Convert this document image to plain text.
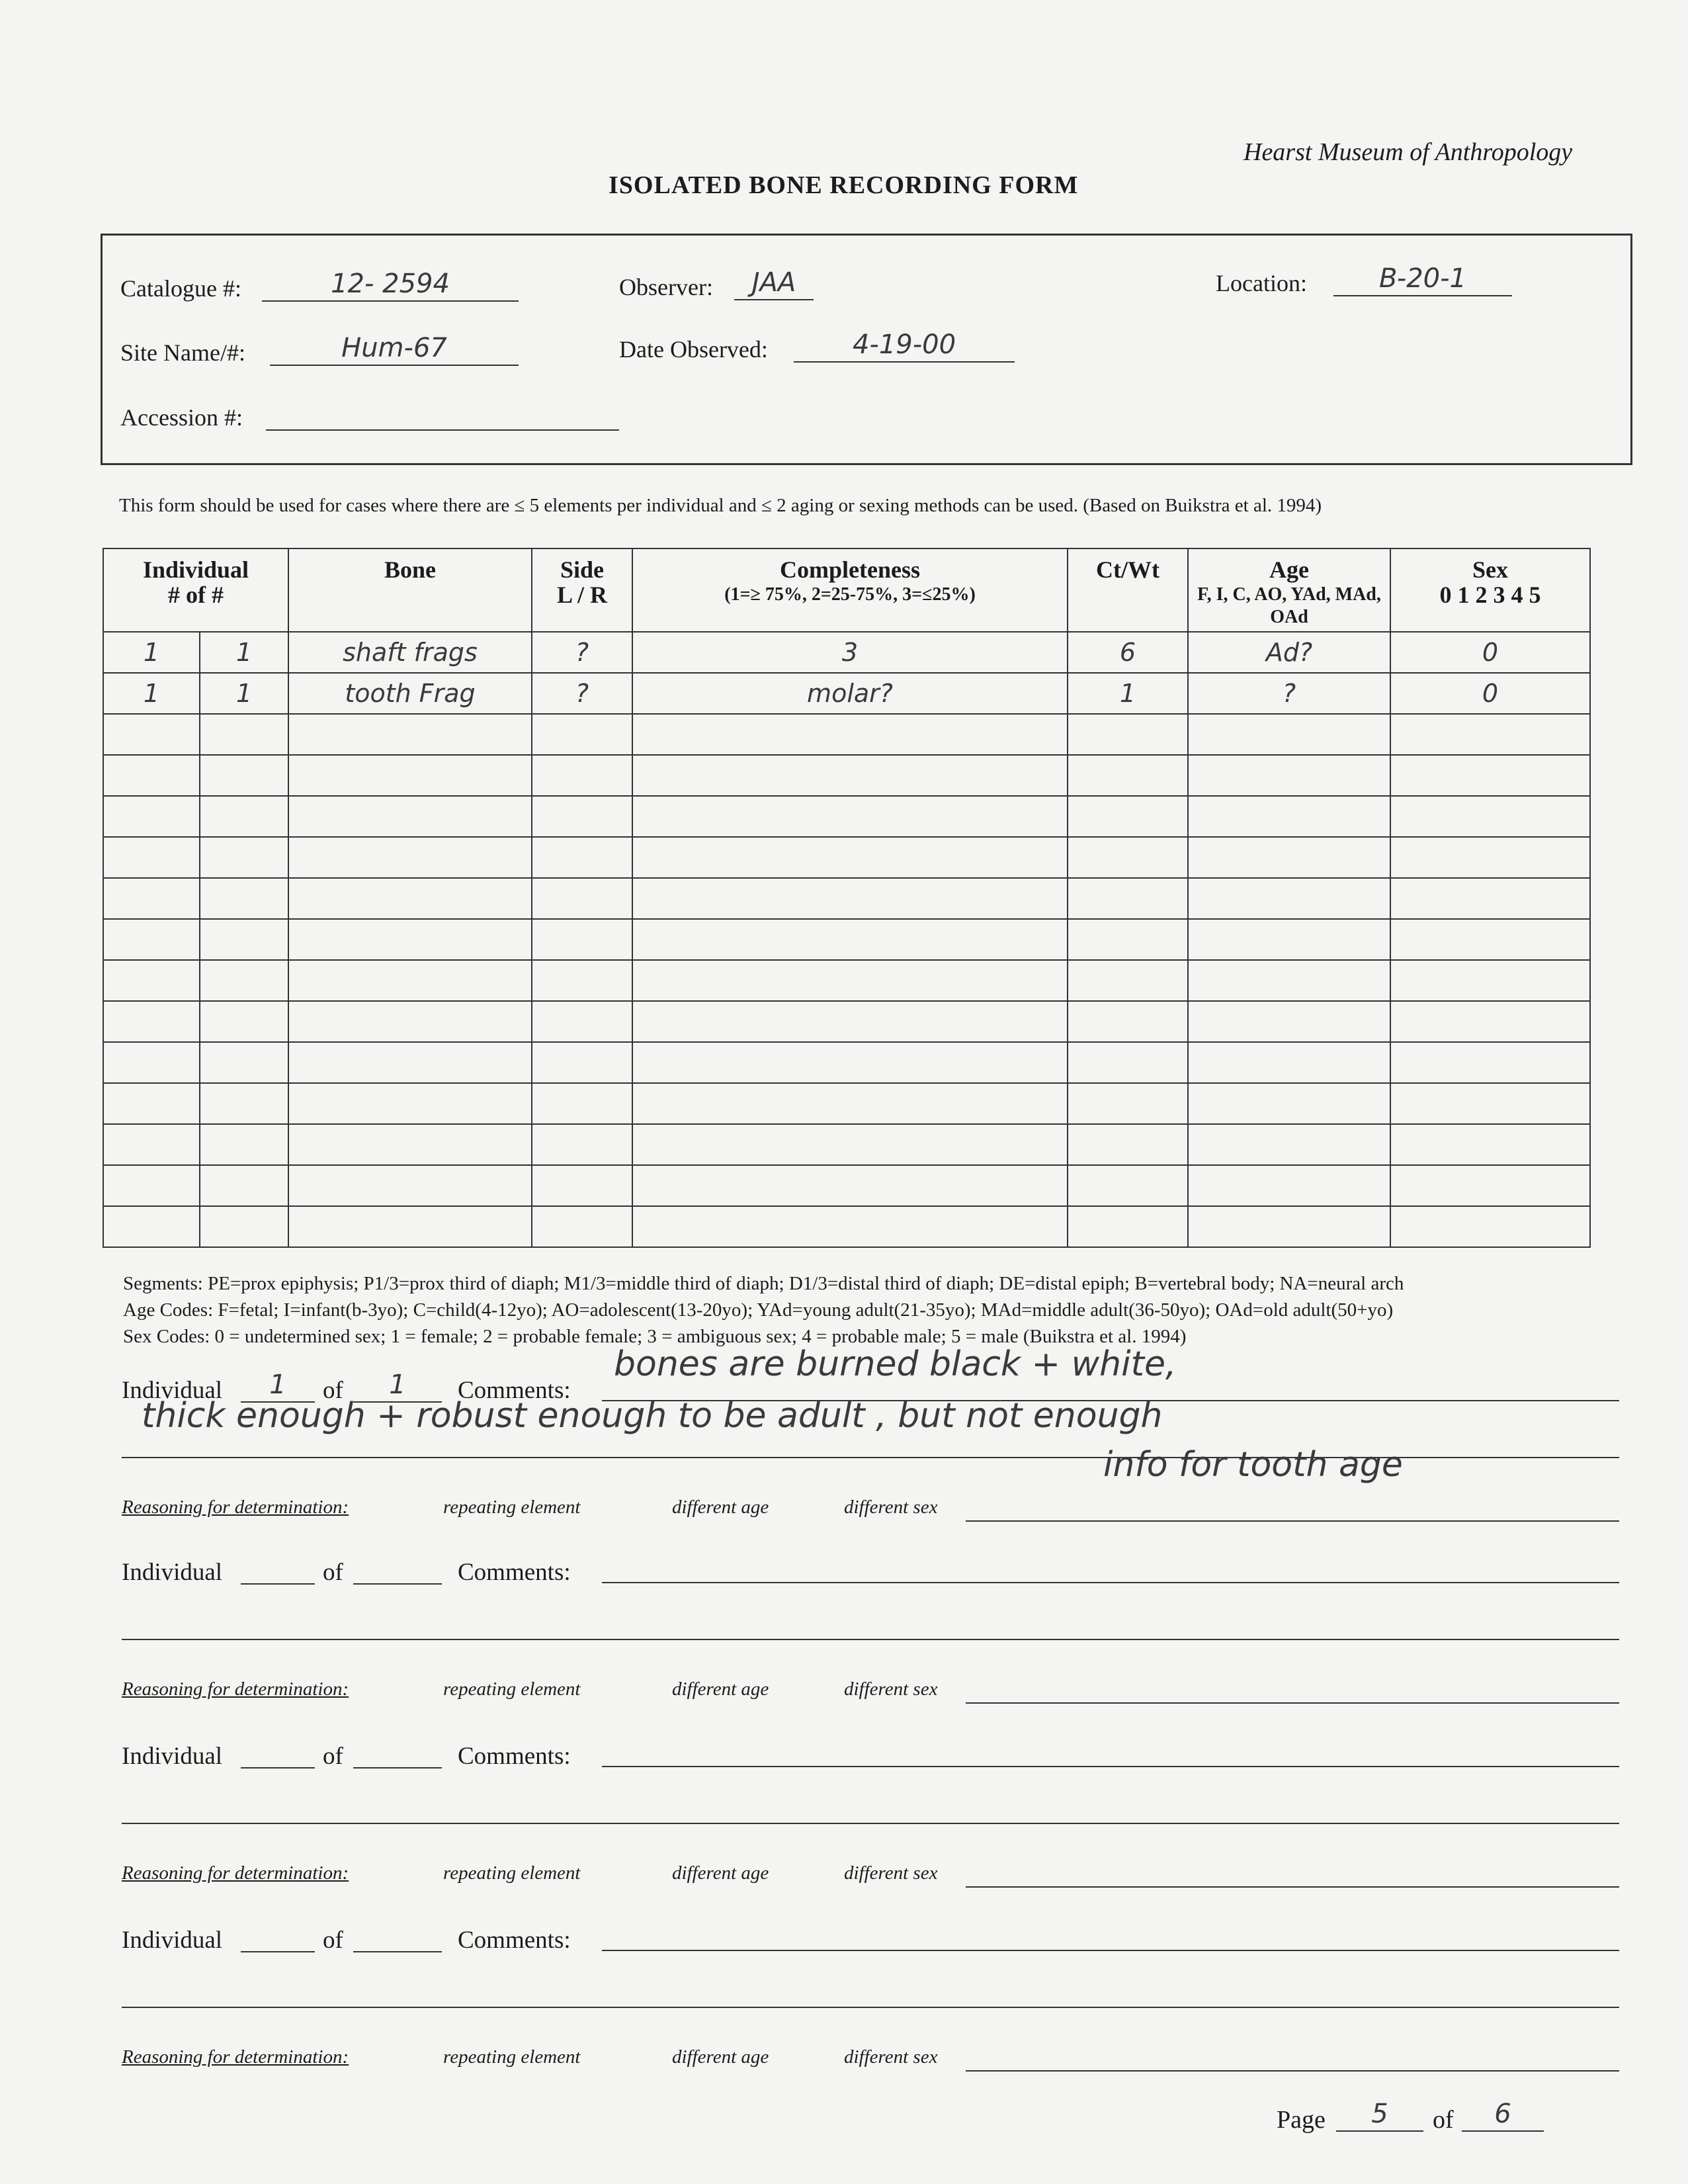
Hearst Museum of Anthropology
ISOLATED BONE RECORDING FORM
Catalogue #:	12- 2594	Observer:	JAA	Location:	B-20-1
Site Name/#:	Hum-67	Date Observed:	4-19-00
Accession #:
This form should be used for cases where there are ≤ 5 elements per individual and ≤ 2 aging or sexing methods can be used. (Based on Buikstra et al. 1994)
Individual
# of #		Bone	Side
L / R	Completeness
(1=≥ 75%, 2=25-75%, 3=≤25%)	Ct/Wt	Age
F, I, C, AO, YAd, MAd, OAd	Sex
0 1 2 3 4 5

1	1	shaft frags	?	3	6	Ad?	0
1	1	tooth Frag	?	molar?	1	?	0

Segments: PE=prox epiphysis; P1/3=prox third of diaph; M1/3=middle third of diaph; D1/3=distal third of diaph; DE=distal epiph; B=vertebral body; NA=neural arch
Age Codes: F=fetal; I=infant(b-3yo); C=child(4-12yo); AO=adolescent(13-20yo); YAd=young adult(21-35yo); MAd=middle adult(36-50yo); OAd=old adult(50+yo)
Sex Codes: 0 = undetermined sex; 1 = female; 2 = probable female; 3 = ambiguous sex; 4 = probable male; 5 = male (Buikstra et al. 1994)
Individual	1	of	1	Comments:
bones are burned black + white,
thick enough + robust enough to be adult , but not enough
info for tooth age
Reasoning for determination:	repeating element	different age	different sex
Individual	of	Comments:
Reasoning for determination:	repeating element	different age	different sex
Individual	of	Comments:
Reasoning for determination:	repeating element	different age	different sex
Individual	of	Comments:
Reasoning for determination:	repeating element	different age	different sex
Page	5	of	6
